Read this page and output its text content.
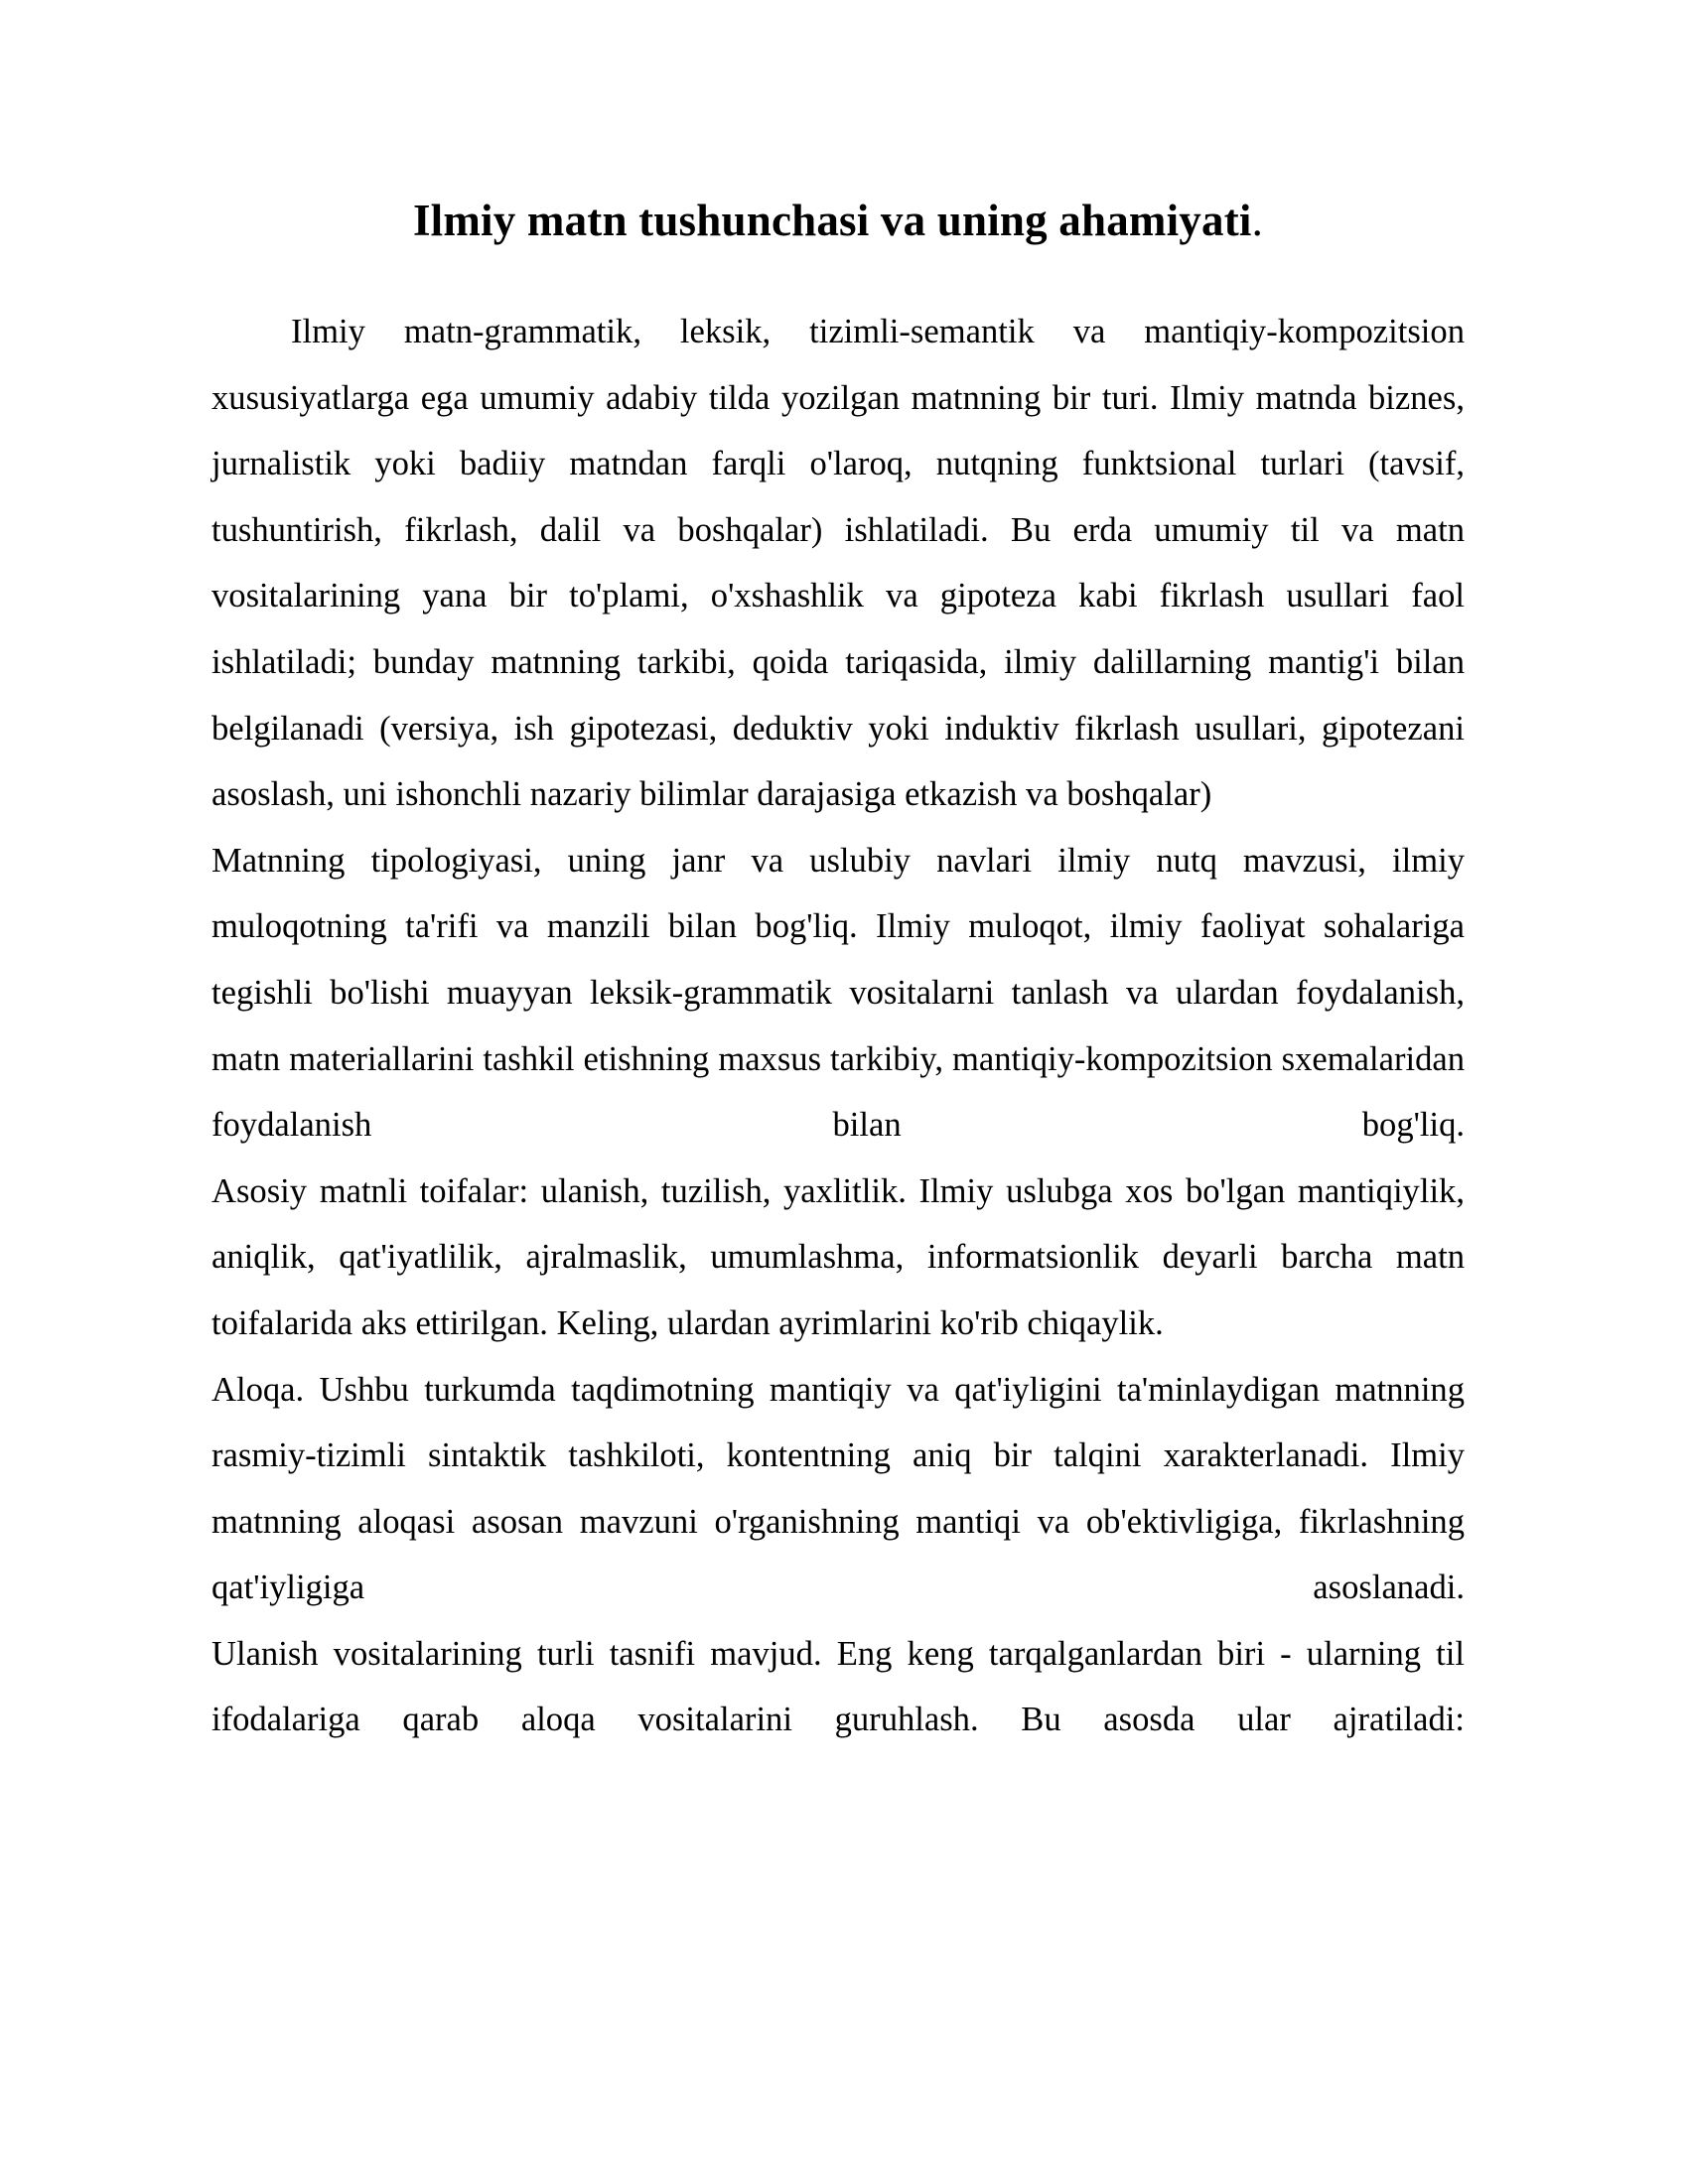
Ilmiy matn tushunchasi va uning ahamiyati.

Ilmiy matn-grammatik, leksik, tizimli-semantik va mantiqiy-kompozitsion xususiyatlarga ega umumiy adabiy tilda yozilgan matnning bir turi. Ilmiy matnda biznes, jurnalistik yoki badiiy matndan farqli o'laroq, nutqning funktsional turlari (tavsif, tushuntirish, fikrlash, dalil va boshqalar) ishlatiladi. Bu erda umumiy til va matn vositalarining yana bir to'plami, o'xshashlik va gipoteza kabi fikrlash usullari faol ishlatiladi; bunday matnning tarkibi, qoida tariqasida, ilmiy dalillarning mantig'i bilan belgilanadi (versiya, ish gipotezasi, deduktiv yoki induktiv fikrlash usullari, gipotezani asoslash, uni ishonchli nazariy bilimlar darajasiga etkazish va boshqalar)

Matnning tipologiyasi, uning janr va uslubiy navlari ilmiy nutq mavzusi, ilmiy muloqotning ta'rifi va manzili bilan bog'liq. Ilmiy muloqot, ilmiy faoliyat sohalariga tegishli bo'lishi muayyan leksik-grammatik vositalarni tanlash va ulardan foydalanish, matn materiallarini tashkil etishning maxsus tarkibiy, mantiqiy-kompozitsion sxemalaridan foydalanish bilan bog'liq.

Asosiy matnli toifalar: ulanish, tuzilish, yaxlitlik. Ilmiy uslubga xos bo'lgan mantiqiylik, aniqlik, qat'iyatlilik, ajralmaslik, umumlashma, informatsionlik deyarli barcha matn toifalarida aks ettirilgan. Keling, ulardan ayrimlarini ko'rib chiqaylik.

Aloqa. Ushbu turkumda taqdimotning mantiqiy va qat'iyligini ta'minlaydigan matnning rasmiy-tizimli sintaktik tashkiloti, kontentning aniq bir talqini xarakterlanadi. Ilmiy matnning aloqasi asosan mavzuni o'rganishning mantiqi va ob'ektivligiga, fikrlashning qat'iyligiga asoslanadi.

Ulanish vositalarining turli tasnifi mavjud. Eng keng tarqalganlardan biri - ularning til ifodalariga qarab aloqa vositalarini guruhlash. Bu asosda ular ajratiladi:
